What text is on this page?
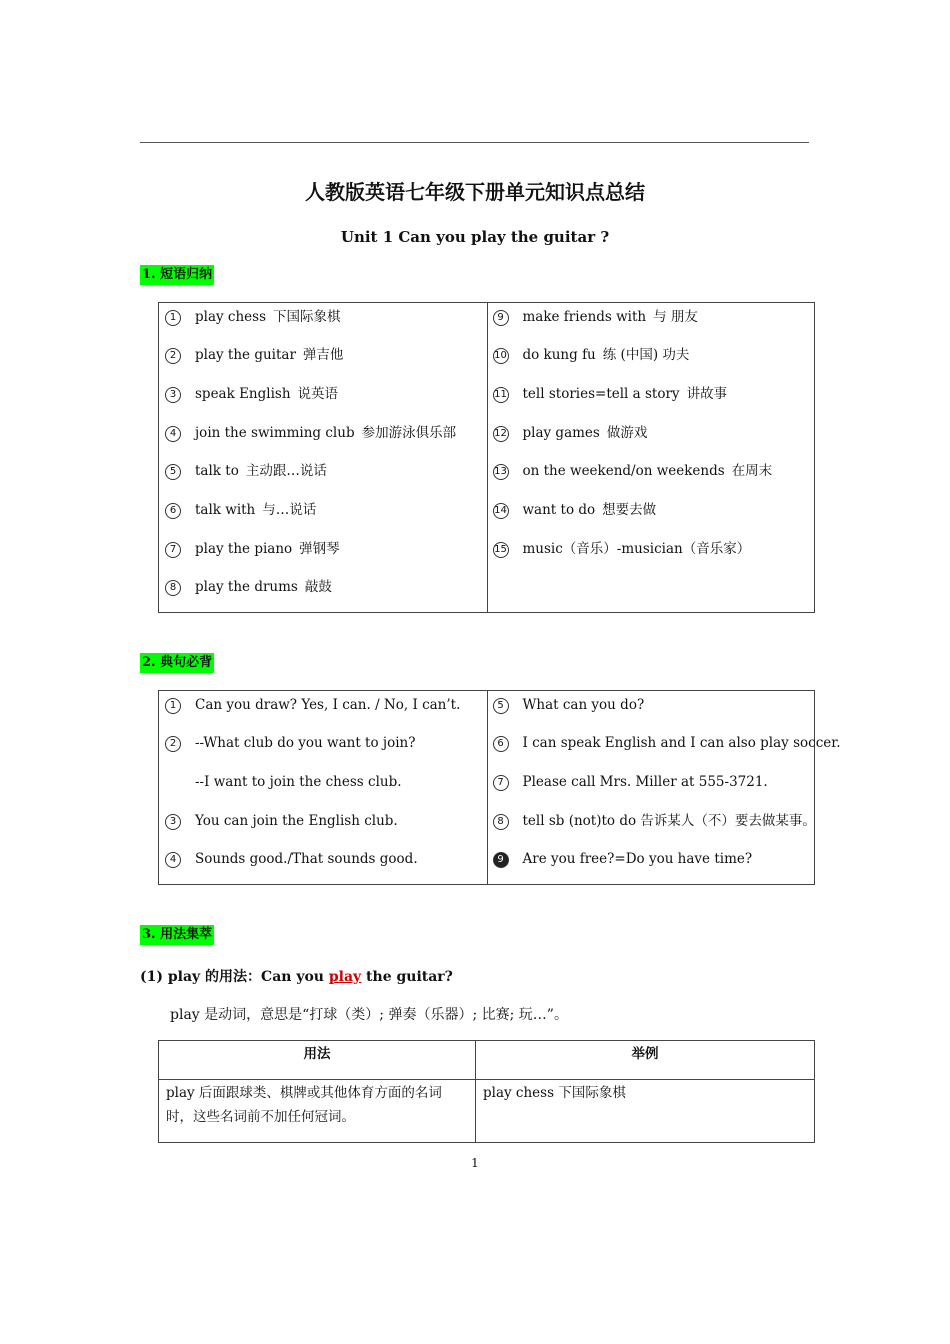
人教版英语七年级下册单元知识点总结
Unit 1 Can you play the guitar ?
1. 短语归纳
1 play chess 下国际象棋
2 play the guitar 弹吉他
3 speak English 说英语
4 join the swimming club 参加游泳俱乐部
5 talk to 主动跟…说话
6 talk with 与…说话
7 play the piano 弹钢琴
8 play the drums 敲鼓
9 make friends with 与 朋友
10 do kung fu 练 (中国) 功夫
11 tell stories=tell a story 讲故事
12 play games 做游戏
13 on the weekend/on weekends 在周末
14 want to do 想要去做
15 music（音乐）-musician（音乐家）
2. 典句必背
1 Can you draw? Yes, I can. / No, I can’t.
2 --What club do you want to join?
--I want to join the chess club.
3 You can join the English club.
4 Sounds good./That sounds good.
5 What can you do?
6 I can speak English and I can also play soccer.
7 Please call Mrs. Miller at 555-3721.
8 tell sb (not)to do 告诉某人（不）要去做某事。
9 Are you free?=Do you have time?
3. 用法集萃
(1) play 的用法：Can you play the guitar?
play 是动词，意思是“打球（类）; 弹奏（乐器）; 比赛; 玩…”。
用法	举例
play 后面跟球类、棋牌或其他体育方面的名词
时，这些名词前不加任何冠词。
play chess 下国际象棋
1
